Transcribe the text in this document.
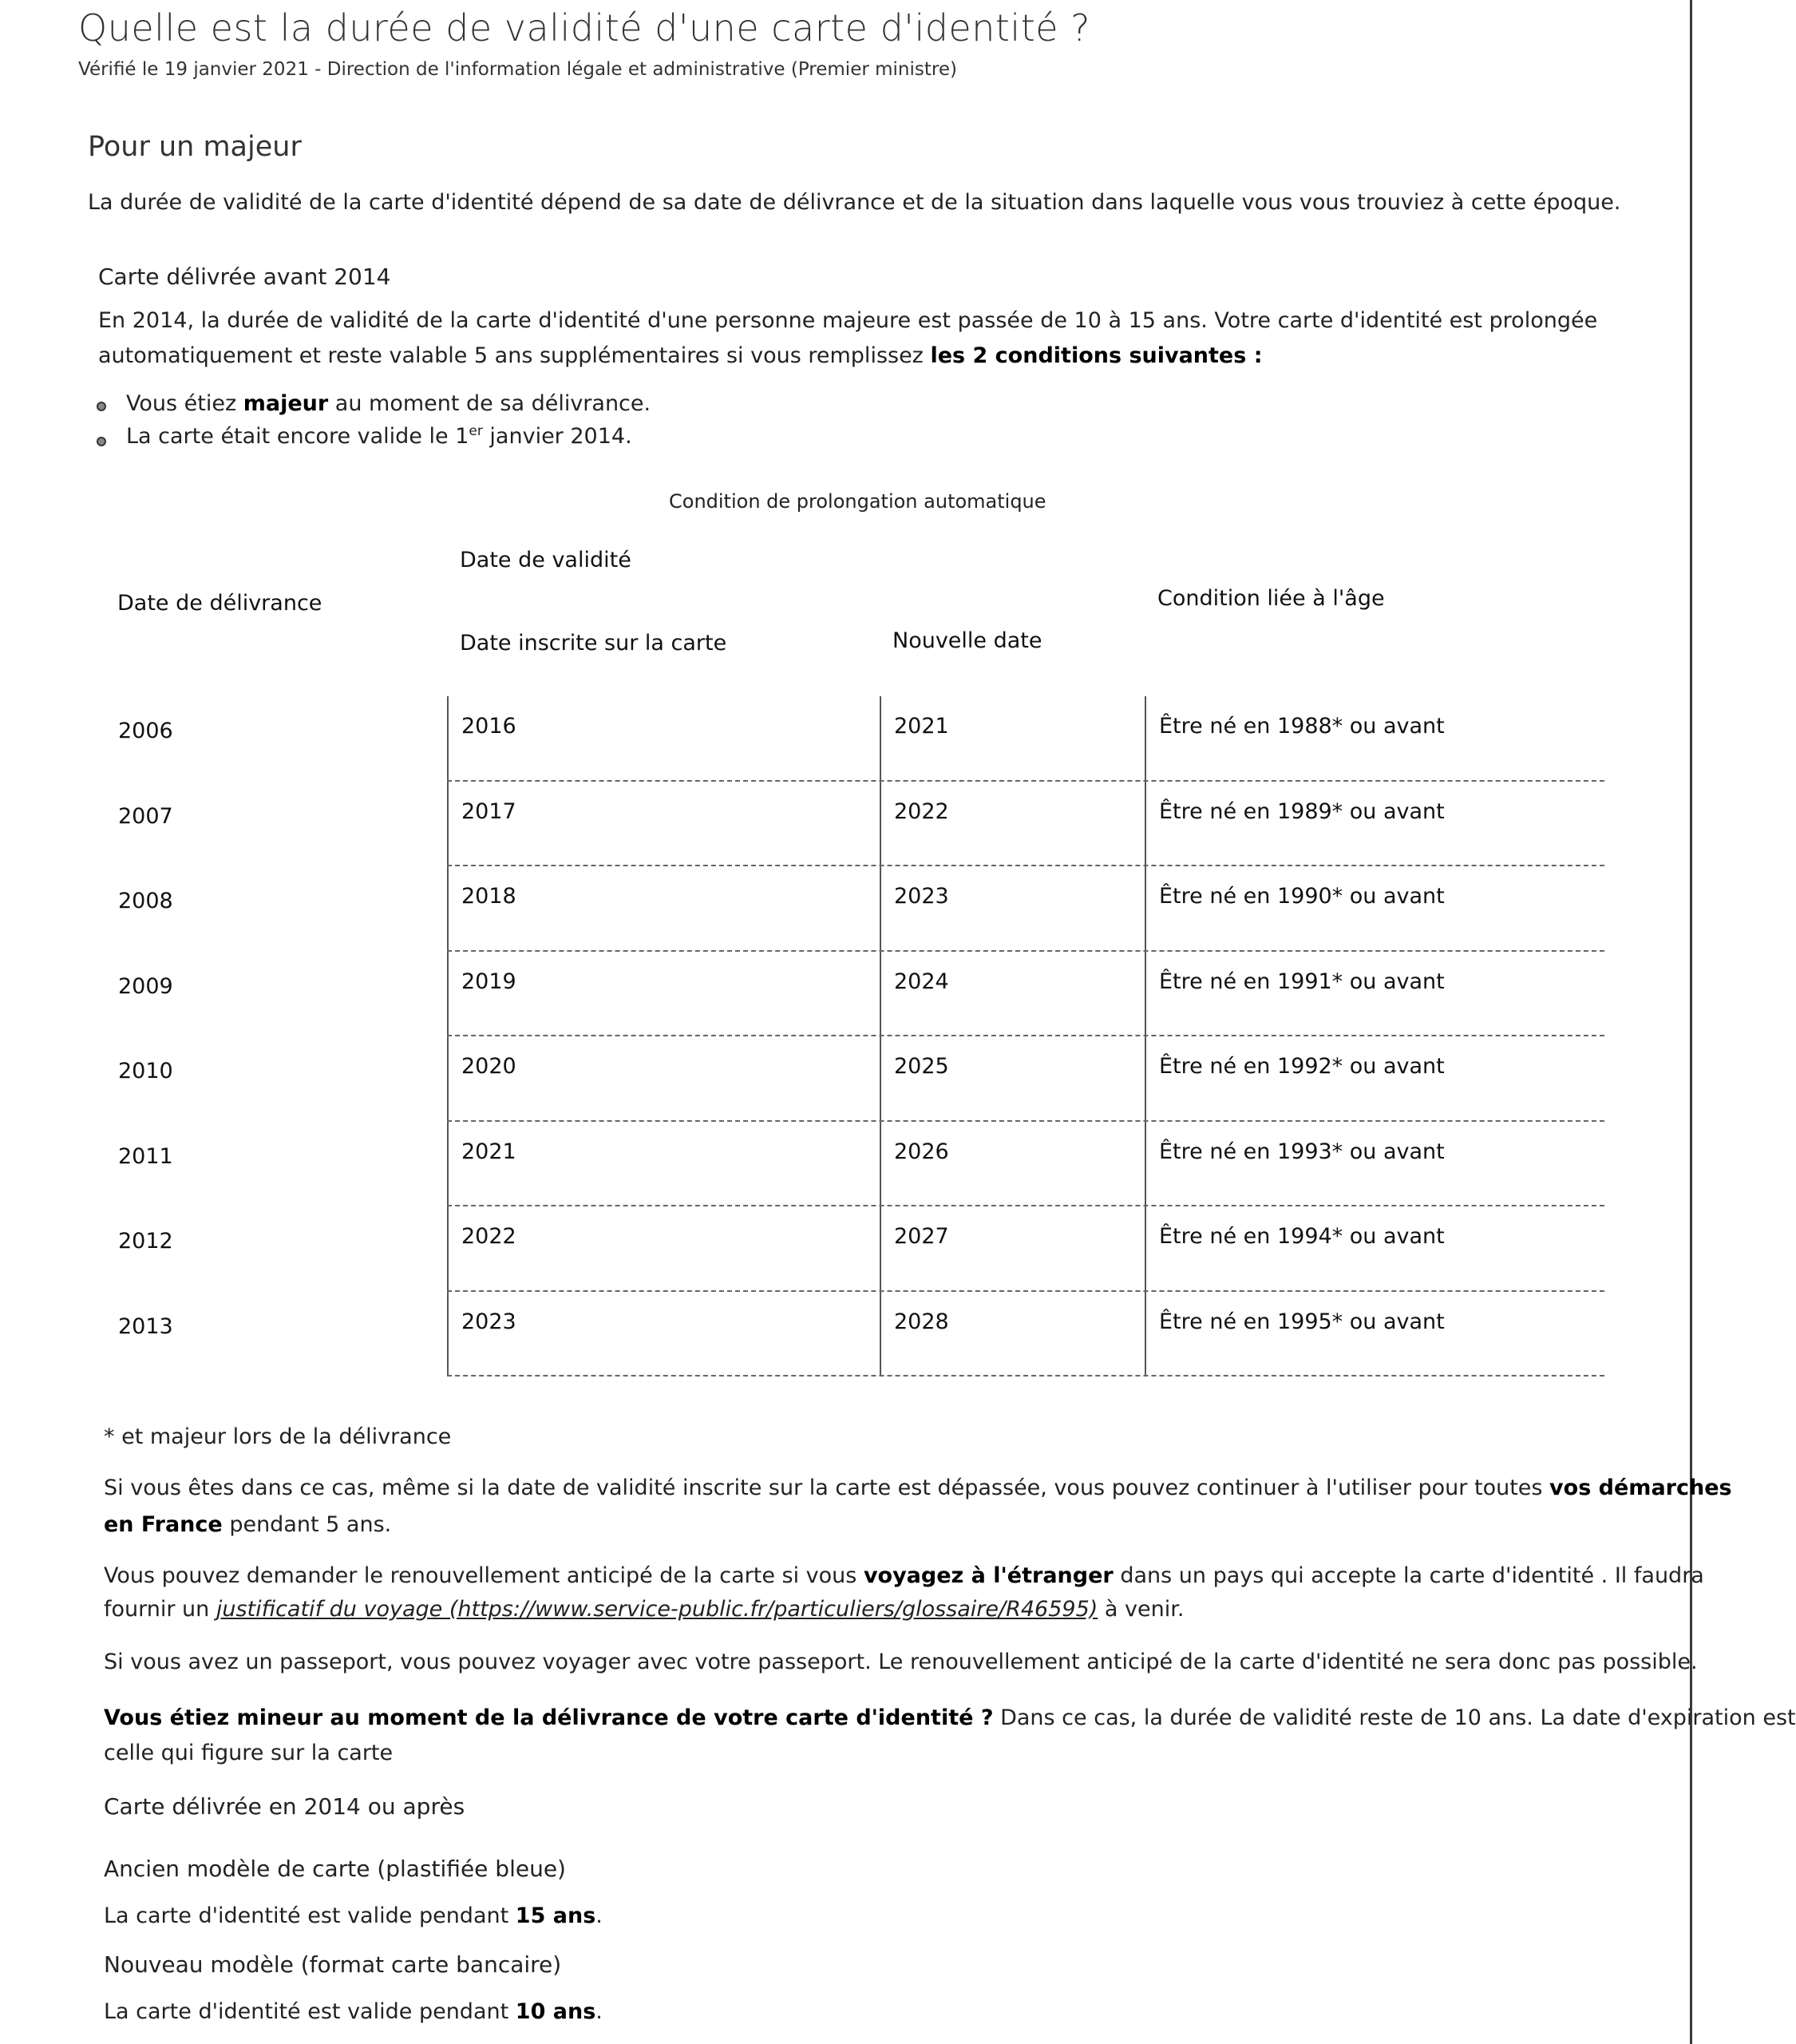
Quelle est la durée de validité d'une carte d'identité ?
Vérifié le 19 janvier 2021 - Direction de l'information légale et administrative (Premier ministre)
Pour un majeur
La durée de validité de la carte d'identité dépend de sa date de délivrance et de la situation dans laquelle vous vous trouviez à cette époque.
Carte délivrée avant 2014
En 2014, la durée de validité de la carte d'identité d'une personne majeure est passée de 10 à 15 ans. Votre carte d'identité est prolongée
automatiquement et reste valable 5 ans supplémentaires si vous remplissez les 2 conditions suivantes :
Vous étiez majeur au moment de sa délivrance.
La carte était encore valide le 1er janvier 2014.
Condition de prolongation automatique
Date de délivrance
Date de validité
Date inscrite sur la carte	Nouvelle date
Condition liée à l'âge
2006	2016	2021	Être né en 1988* ou avant
2007	2017	2022	Être né en 1989* ou avant
2008	2018	2023	Être né en 1990* ou avant
2009	2019	2024	Être né en 1991* ou avant
2010	2020	2025	Être né en 1992* ou avant
2011	2021	2026	Être né en 1993* ou avant
2012	2022	2027	Être né en 1994* ou avant
2013	2023	2028	Être né en 1995* ou avant
* et majeur lors de la délivrance
Si vous êtes dans ce cas, même si la date de validité inscrite sur la carte est dépassée, vous pouvez continuer à l'utiliser pour toutes vos démarches
en France pendant 5 ans.
Vous pouvez demander le renouvellement anticipé de la carte si vous voyagez à l'étranger dans un pays qui accepte la carte d'identité . Il faudra
fournir un justificatif du voyage (https://www.service-public.fr/particuliers/glossaire/R46595) à venir.
Si vous avez un passeport, vous pouvez voyager avec votre passeport. Le renouvellement anticipé de la carte d'identité ne sera donc pas possible.
Vous étiez mineur au moment de la délivrance de votre carte d'identité ? Dans ce cas, la durée de validité reste de 10 ans. La date d'expiration est
celle qui figure sur la carte
Carte délivrée en 2014 ou après
Ancien modèle de carte (plastifiée bleue)
La carte d'identité est valide pendant 15 ans.
Nouveau modèle (format carte bancaire)
La carte d'identité est valide pendant 10 ans.
